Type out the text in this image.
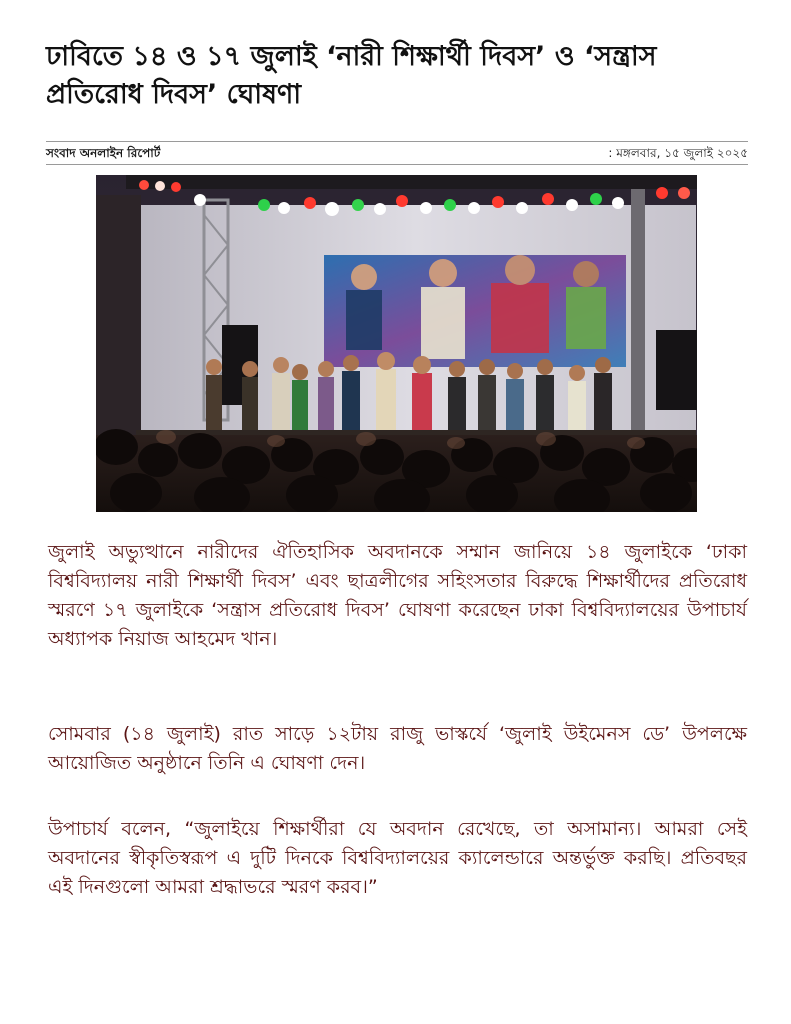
ঢাবিতে ১৪ ও ১৭ জুলাই ‘নারী শিক্ষার্থী দিবস’ ও ‘সন্ত্রাস প্রতিরোধ দিবস’ ঘোষণা
সংবাদ অনলাইন রিপোর্ট	: মঙ্গলবার, ১৫ জুলাই ২০২৫

জুলাই অভ্যুত্থানে নারীদের ঐতিহাসিক অবদানকে সম্মান জানিয়ে ১৪ জুলাইকে ‘ঢাকা বিশ্ববিদ্যালয় নারী শিক্ষার্থী দিবস’ এবং ছাত্রলীগের সহিংসতার বিরুদ্ধে শিক্ষার্থীদের প্রতিরোধ স্মরণে ১৭ জুলাইকে ‘সন্ত্রাস প্রতিরোধ দিবস’ ঘোষণা করেছেন ঢাকা বিশ্ববিদ্যালয়ের উপাচার্য অধ্যাপক নিয়াজ আহমেদ খান।

সোমবার (১৪ জুলাই) রাত সাড়ে ১২টায় রাজু ভাস্কর্যে ‘জুলাই উইমেনস ডে’ উপলক্ষে আয়োজিত অনুষ্ঠানে তিনি এ ঘোষণা দেন।

উপাচার্য বলেন, “জুলাইয়ে শিক্ষার্থীরা যে অবদান রেখেছে, তা অসামান্য। আমরা সেই অবদানের স্বীকৃতিস্বরূপ এ দুটি দিনকে বিশ্ববিদ্যালয়ের ক্যালেন্ডারে অন্তর্ভুক্ত করছি। প্রতিবছর এই দিনগুলো আমরা শ্রদ্ধাভরে স্মরণ করব।”
